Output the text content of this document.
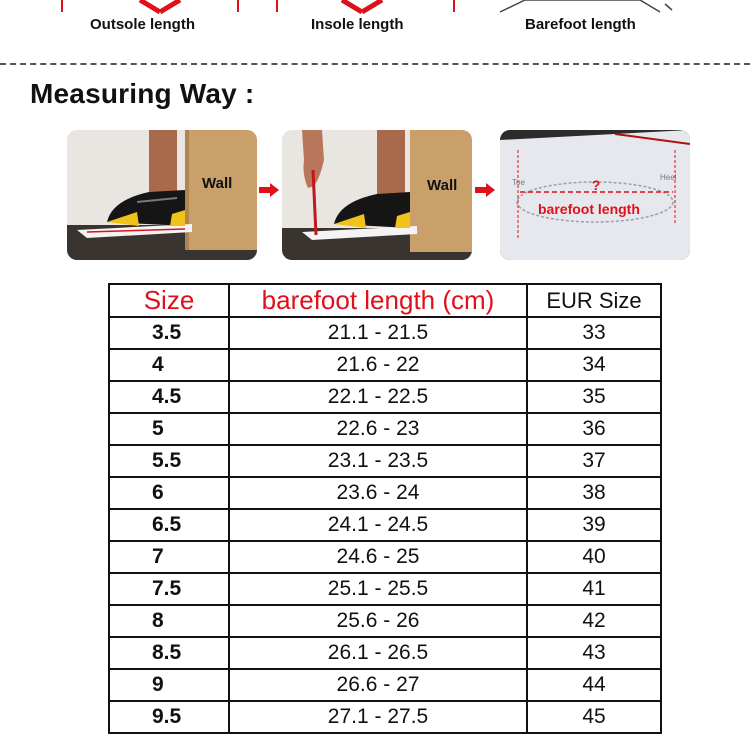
Outsole length	Insole length	Barefoot length
Measuring Way :
Wall	Wall	?
Toe
Heel
barefoot length
Size	barefoot length (cm)	EUR Size
3.5	21.1 - 21.5	33
4	21.6 - 22	34
4.5	22.1 - 22.5	35
5	22.6 - 23	36
5.5	23.1 - 23.5	37
6	23.6 - 24	38
6.5	24.1 - 24.5	39
7	24.6 - 25	40
7.5	25.1 - 25.5	41
8	25.6 - 26	42
8.5	26.1 - 26.5	43
9	26.6 - 27	44
9.5	27.1 - 27.5	45
